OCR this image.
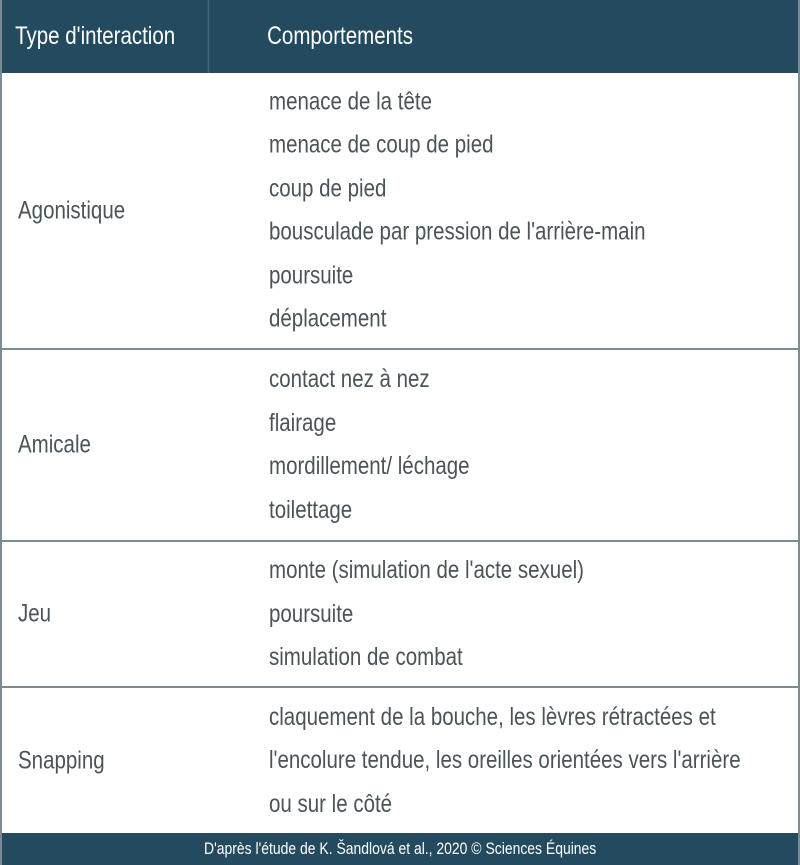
Type d'interaction	Comportements
Agonistique
menace de la tête
menace de coup de pied
coup de pied
bousculade par pression de l'arrière-main
poursuite
déplacement
Amicale
contact nez à nez
flairage
mordillement/ léchage
toilettage
Jeu
monte (simulation de l'acte sexuel)
poursuite
simulation de combat
Snapping
claquement de la bouche, les lèvres rétractées et
l'encolure tendue, les oreilles orientées vers l'arrière
ou sur le côté
D'après l'étude de K. Šandlová et al., 2020 © Sciences Équines
